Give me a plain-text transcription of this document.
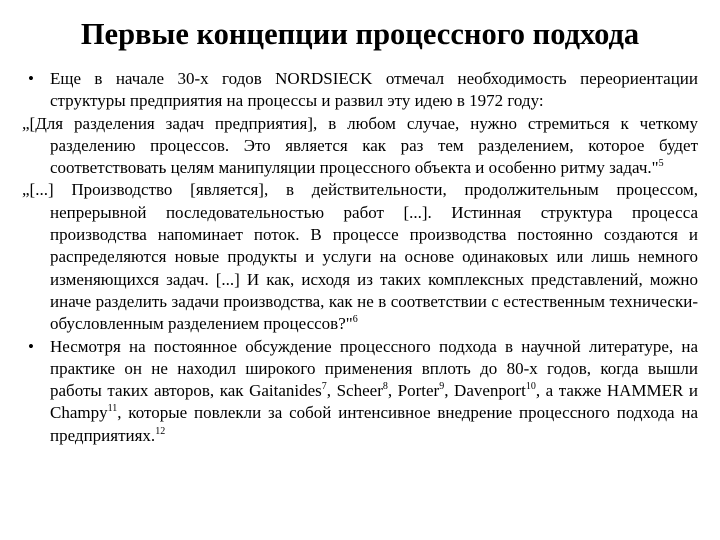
Первые концепции процессного подхода

• Еще в начале 30-х годов NORDSIECK отмечал необходимость переориентации структуры предприятия на процессы и развил эту идею в 1972 году:

„[Для разделения задач предприятия], в любом случае, нужно стремиться к четкому разделению процессов. Это является как раз тем разделением, которое будет соответствовать целям манипуляции процессного объекта и особенно ритму задач."$^5$

„[...] Производство [является], в действительности, продолжительным процессом, непрерывной последовательностью работ [...]. Истинная структура процесса производства напоминает поток. В процессе производства постоянно создаются и распределяются новые продукты и услуги на основе одинаковых или лишь немного изменяющихся задач. [...] И как, исходя из таких комплексных представлений, можно иначе разделить задачи производства, как не в соответствии с естественным технически-обусловленным разделением процессов?"$^6$

• Несмотря на постоянное обсуждение процессного подхода в научной литературе, на практике он не находил широкого применения вплоть до 80-х годов, когда вышли работы таких авторов, как Gaitanides$^7$, Scheer$^8$, Porter$^9$, Davenport$^{10}$, а также HAMMER и Champy$^{11}$, которые повлекли за собой интенсивное внедрение процессного подхода на предприятиях.$^{12}$
